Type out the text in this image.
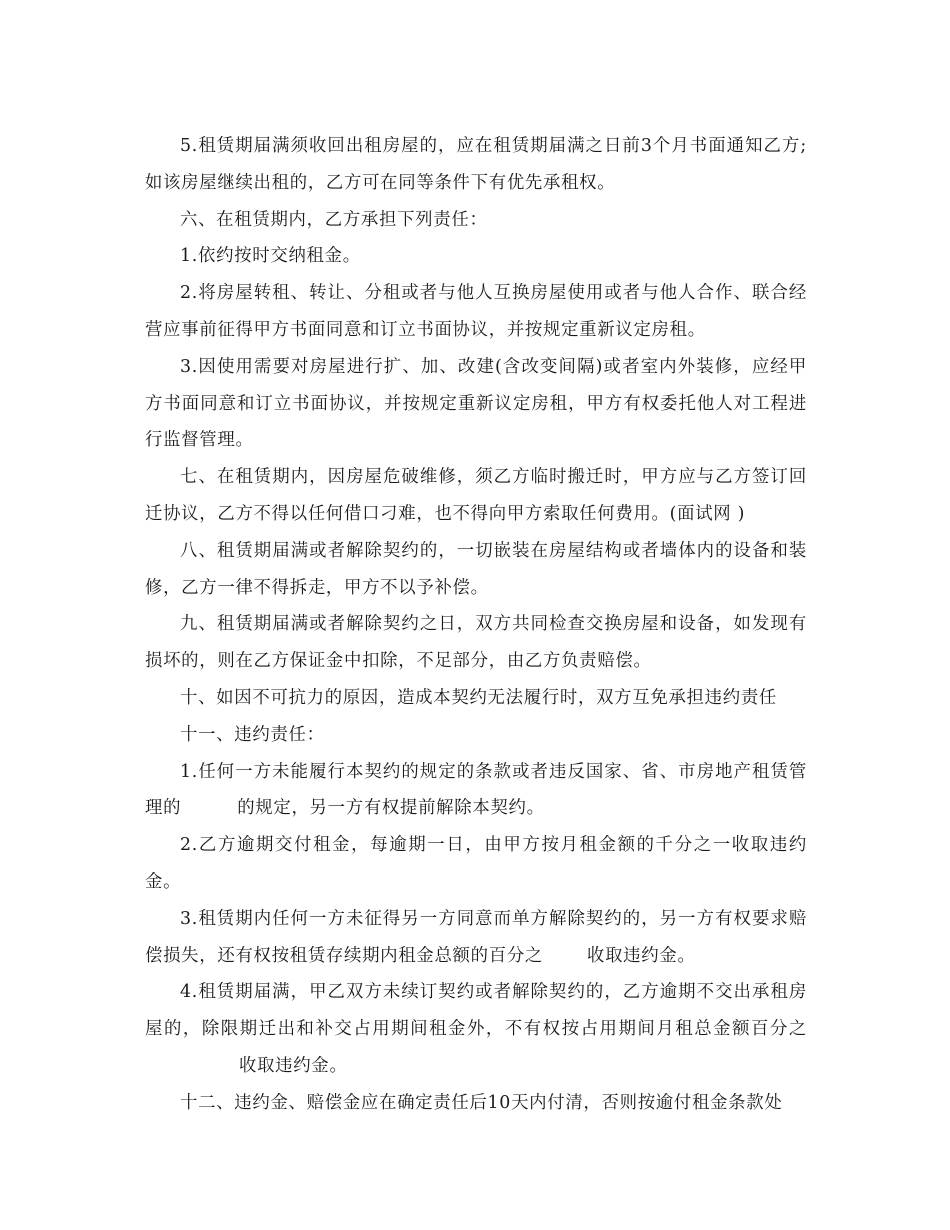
5.租赁期届满须收回出租房屋的，应在租赁期届满之日前3个月书面通知乙方;如该房屋继续出租的，乙方可在同等条件下有优先承租权。

六、在租赁期内，乙方承担下列责任：

1.依约按时交纳租金。

2.将房屋转租、转让、分租或者与他人互换房屋使用或者与他人合作、联合经营应事前征得甲方书面同意和订立书面协议，并按规定重新议定房租。

3.因使用需要对房屋进行扩、加、改建(含改变间隔)或者室内外装修，应经甲方书面同意和订立书面协议，并按规定重新议定房租，甲方有权委托他人对工程进行监督管理。

七、在租赁期内，因房屋危破维修，须乙方临时搬迁时，甲方应与乙方签订回迁协议，乙方不得以任何借口刁难，也不得向甲方索取任何费用。(面试网 )

八、租赁期届满或者解除契约的，一切嵌装在房屋结构或者墙体内的设备和装修，乙方一律不得拆走，甲方不以予补偿。

九、租赁期届满或者解除契约之日，双方共同检查交换房屋和设备，如发现有损坏的，则在乙方保证金中扣除，不足部分，由乙方负责赔偿。

十、如因不可抗力的原因，造成本契约无法履行时，双方互免承担违约责任

十一、违约责任：

1.任何一方未能履行本契约的规定的条款或者违反国家、省、市房地产租赁管理的	的规定，另一方有权提前解除本契约。

2.乙方逾期交付租金，每逾期一日，由甲方按月租金额的千分之一收取违约金。

3.租赁期内任何一方未征得另一方同意而单方解除契约的，另一方有权要求赔偿损失，还有权按租赁存续期内租金总额的百分之	收取违约金。

4.租赁期届满，甲乙双方未续订契约或者解除契约的，乙方逾期不交出承租房屋的，除限期迁出和补交占用期间租金外，不有权按占用期间月租总金额百分之收取违约金。

十二、违约金、赔偿金应在确定责任后10天内付清，否则按逾付租金条款处
